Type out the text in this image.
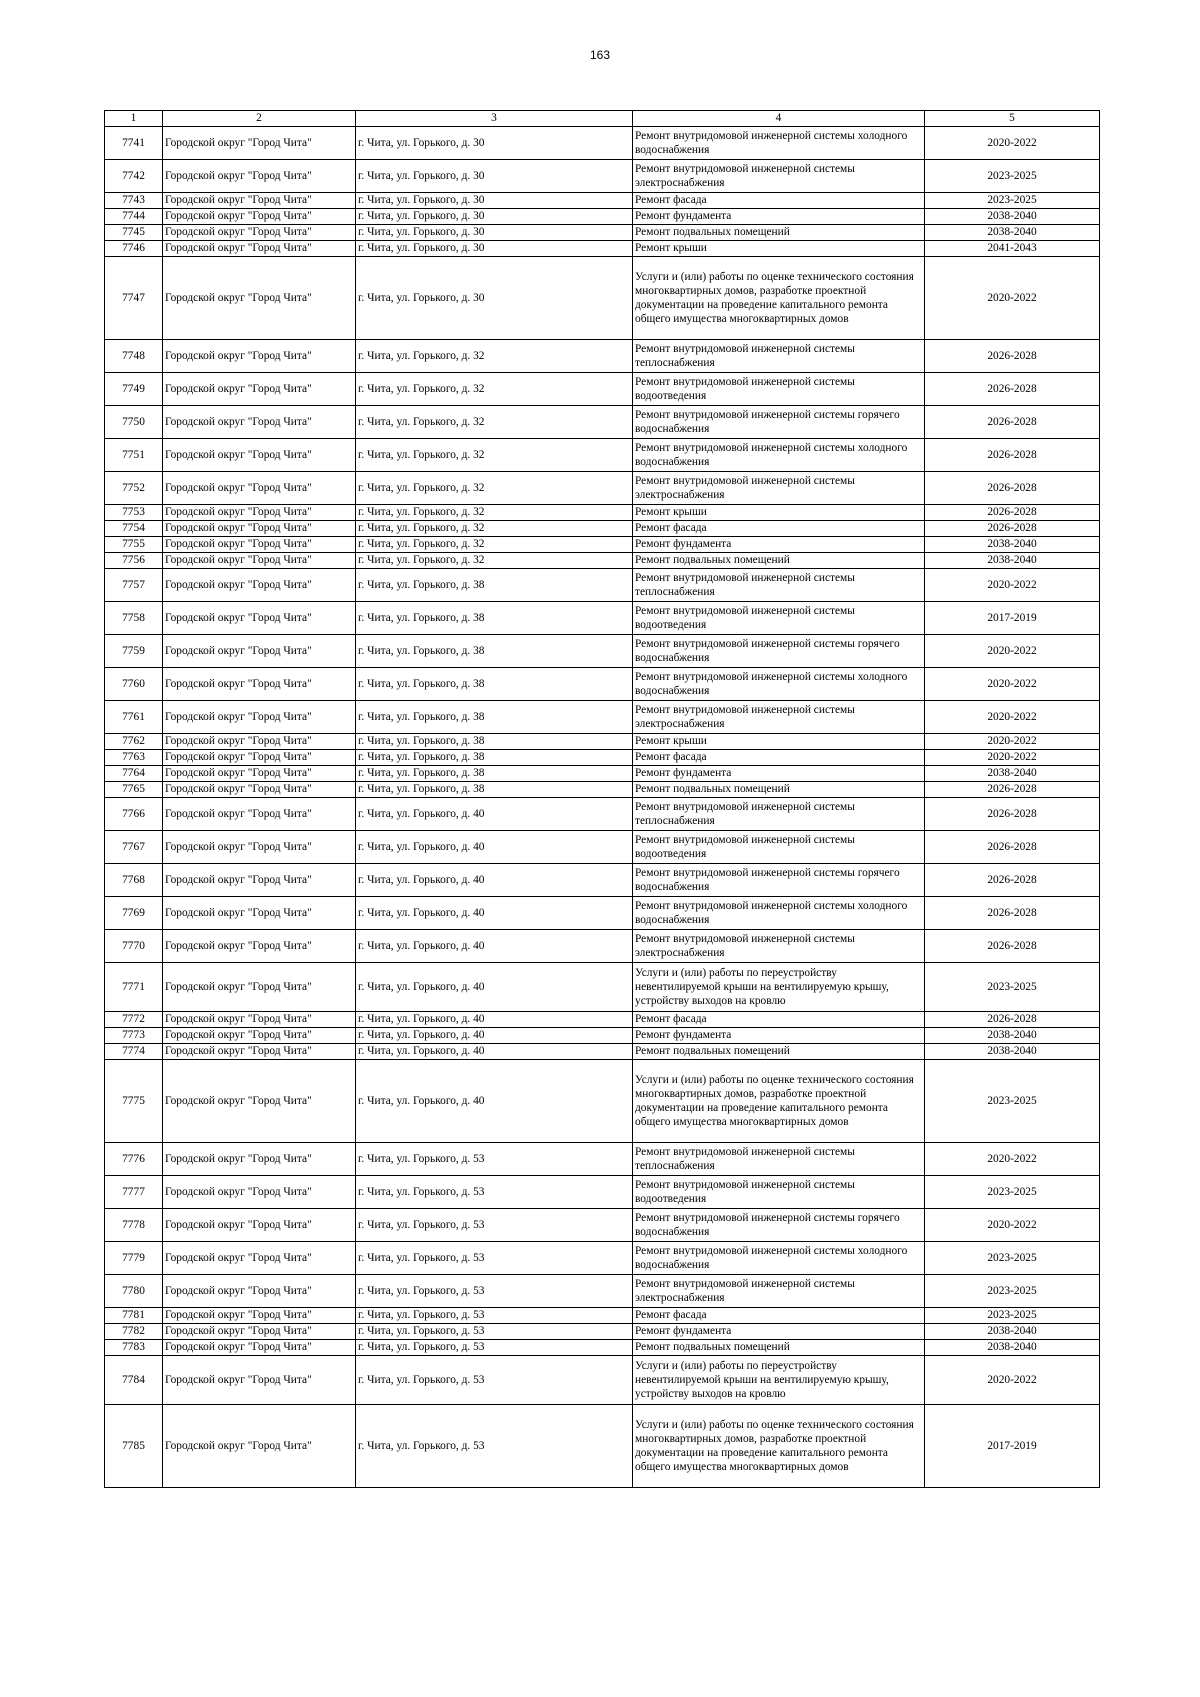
163
1	2	3	4	5
7741	Городской округ "Город Чита"	г. Чита, ул. Горького, д. 30	Ремонт внутридомовой инженерной системы холодного водоснабжения	2020-2022
7742	Городской округ "Город Чита"	г. Чита, ул. Горького, д. 30	Ремонт внутридомовой инженерной системы электроснабжения	2023-2025
7743	Городской округ "Город Чита"	г. Чита, ул. Горького, д. 30	Ремонт фасада	2023-2025
7744	Городской округ "Город Чита"	г. Чита, ул. Горького, д. 30	Ремонт фундамента	2038-2040
7745	Городской округ "Город Чита"	г. Чита, ул. Горького, д. 30	Ремонт подвальных помещений	2038-2040
7746	Городской округ "Город Чита"	г. Чита, ул. Горького, д. 30	Ремонт крыши	2041-2043
7747	Городской округ "Город Чита"	г. Чита, ул. Горького, д. 30	Услуги и (или) работы по оценке технического состояния многоквартирных домов, разработке проектной документации на проведение капитального ремонта общего имущества многоквартирных домов	2020-2022
7748	Городской округ "Город Чита"	г. Чита, ул. Горького, д. 32	Ремонт внутридомовой инженерной системы теплоснабжения	2026-2028
7749	Городской округ "Город Чита"	г. Чита, ул. Горького, д. 32	Ремонт внутридомовой инженерной системы водоотведения	2026-2028
7750	Городской округ "Город Чита"	г. Чита, ул. Горького, д. 32	Ремонт внутридомовой инженерной системы горячего водоснабжения	2026-2028
7751	Городской округ "Город Чита"	г. Чита, ул. Горького, д. 32	Ремонт внутридомовой инженерной системы холодного водоснабжения	2026-2028
7752	Городской округ "Город Чита"	г. Чита, ул. Горького, д. 32	Ремонт внутридомовой инженерной системы электроснабжения	2026-2028
7753	Городской округ "Город Чита"	г. Чита, ул. Горького, д. 32	Ремонт крыши	2026-2028
7754	Городской округ "Город Чита"	г. Чита, ул. Горького, д. 32	Ремонт фасада	2026-2028
7755	Городской округ "Город Чита"	г. Чита, ул. Горького, д. 32	Ремонт фундамента	2038-2040
7756	Городской округ "Город Чита"	г. Чита, ул. Горького, д. 32	Ремонт подвальных помещений	2038-2040
7757	Городской округ "Город Чита"	г. Чита, ул. Горького, д. 38	Ремонт внутридомовой инженерной системы теплоснабжения	2020-2022
7758	Городской округ "Город Чита"	г. Чита, ул. Горького, д. 38	Ремонт внутридомовой инженерной системы водоотведения	2017-2019
7759	Городской округ "Город Чита"	г. Чита, ул. Горького, д. 38	Ремонт внутридомовой инженерной системы горячего водоснабжения	2020-2022
7760	Городской округ "Город Чита"	г. Чита, ул. Горького, д. 38	Ремонт внутридомовой инженерной системы холодного водоснабжения	2020-2022
7761	Городской округ "Город Чита"	г. Чита, ул. Горького, д. 38	Ремонт внутридомовой инженерной системы электроснабжения	2020-2022
7762	Городской округ "Город Чита"	г. Чита, ул. Горького, д. 38	Ремонт крыши	2020-2022
7763	Городской округ "Город Чита"	г. Чита, ул. Горького, д. 38	Ремонт фасада	2020-2022
7764	Городской округ "Город Чита"	г. Чита, ул. Горького, д. 38	Ремонт фундамента	2038-2040
7765	Городской округ "Город Чита"	г. Чита, ул. Горького, д. 38	Ремонт подвальных помещений	2026-2028
7766	Городской округ "Город Чита"	г. Чита, ул. Горького, д. 40	Ремонт внутридомовой инженерной системы теплоснабжения	2026-2028
7767	Городской округ "Город Чита"	г. Чита, ул. Горького, д. 40	Ремонт внутридомовой инженерной системы водоотведения	2026-2028
7768	Городской округ "Город Чита"	г. Чита, ул. Горького, д. 40	Ремонт внутридомовой инженерной системы горячего водоснабжения	2026-2028
7769	Городской округ "Город Чита"	г. Чита, ул. Горького, д. 40	Ремонт внутридомовой инженерной системы холодного водоснабжения	2026-2028
7770	Городской округ "Город Чита"	г. Чита, ул. Горького, д. 40	Ремонт внутридомовой инженерной системы электроснабжения	2026-2028
7771	Городской округ "Город Чита"	г. Чита, ул. Горького, д. 40	Услуги и (или) работы по переустройству невентилируемой крыши на вентилируемую крышу, устройству выходов на кровлю	2023-2025
7772	Городской округ "Город Чита"	г. Чита, ул. Горького, д. 40	Ремонт фасада	2026-2028
7773	Городской округ "Город Чита"	г. Чита, ул. Горького, д. 40	Ремонт фундамента	2038-2040
7774	Городской округ "Город Чита"	г. Чита, ул. Горького, д. 40	Ремонт подвальных помещений	2038-2040
7775	Городской округ "Город Чита"	г. Чита, ул. Горького, д. 40	Услуги и (или) работы по оценке технического состояния многоквартирных домов, разработке проектной документации на проведение капитального ремонта общего имущества многоквартирных домов	2023-2025
7776	Городской округ "Город Чита"	г. Чита, ул. Горького, д. 53	Ремонт внутридомовой инженерной системы теплоснабжения	2020-2022
7777	Городской округ "Город Чита"	г. Чита, ул. Горького, д. 53	Ремонт внутридомовой инженерной системы водоотведения	2023-2025
7778	Городской округ "Город Чита"	г. Чита, ул. Горького, д. 53	Ремонт внутридомовой инженерной системы горячего водоснабжения	2020-2022
7779	Городской округ "Город Чита"	г. Чита, ул. Горького, д. 53	Ремонт внутридомовой инженерной системы холодного водоснабжения	2023-2025
7780	Городской округ "Город Чита"	г. Чита, ул. Горького, д. 53	Ремонт внутридомовой инженерной системы электроснабжения	2023-2025
7781	Городской округ "Город Чита"	г. Чита, ул. Горького, д. 53	Ремонт фасада	2023-2025
7782	Городской округ "Город Чита"	г. Чита, ул. Горького, д. 53	Ремонт фундамента	2038-2040
7783	Городской округ "Город Чита"	г. Чита, ул. Горького, д. 53	Ремонт подвальных помещений	2038-2040
7784	Городской округ "Город Чита"	г. Чита, ул. Горького, д. 53	Услуги и (или) работы по переустройству невентилируемой крыши на вентилируемую крышу, устройству выходов на кровлю	2020-2022
7785	Городской округ "Город Чита"	г. Чита, ул. Горького, д. 53	Услуги и (или) работы по оценке технического состояния многоквартирных домов, разработке проектной документации на проведение капитального ремонта общего имущества многоквартирных домов	2017-2019
